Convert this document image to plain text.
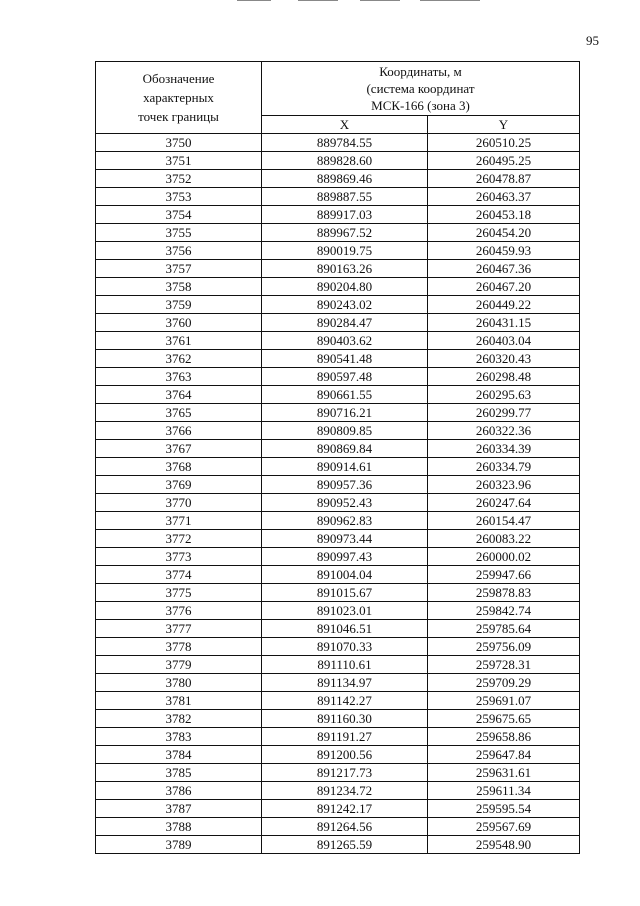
95
Обозначение
характерных
точек границы	Координаты, м
(система координат
МСК-166 (зона 3)	

	X	Y
3750	889784.55	260510.25
3751	889828.60	260495.25
3752	889869.46	260478.87
3753	889887.55	260463.37
3754	889917.03	260453.18
3755	889967.52	260454.20
3756	890019.75	260459.93
3757	890163.26	260467.36
3758	890204.80	260467.20
3759	890243.02	260449.22
3760	890284.47	260431.15
3761	890403.62	260403.04
3762	890541.48	260320.43
3763	890597.48	260298.48
3764	890661.55	260295.63
3765	890716.21	260299.77
3766	890809.85	260322.36
3767	890869.84	260334.39
3768	890914.61	260334.79
3769	890957.36	260323.96
3770	890952.43	260247.64
3771	890962.83	260154.47
3772	890973.44	260083.22
3773	890997.43	260000.02
3774	891004.04	259947.66
3775	891015.67	259878.83
3776	891023.01	259842.74
3777	891046.51	259785.64
3778	891070.33	259756.09
3779	891110.61	259728.31
3780	891134.97	259709.29
3781	891142.27	259691.07
3782	891160.30	259675.65
3783	891191.27	259658.86
3784	891200.56	259647.84
3785	891217.73	259631.61
3786	891234.72	259611.34
3787	891242.17	259595.54
3788	891264.56	259567.69
3789	891265.59	259548.90
